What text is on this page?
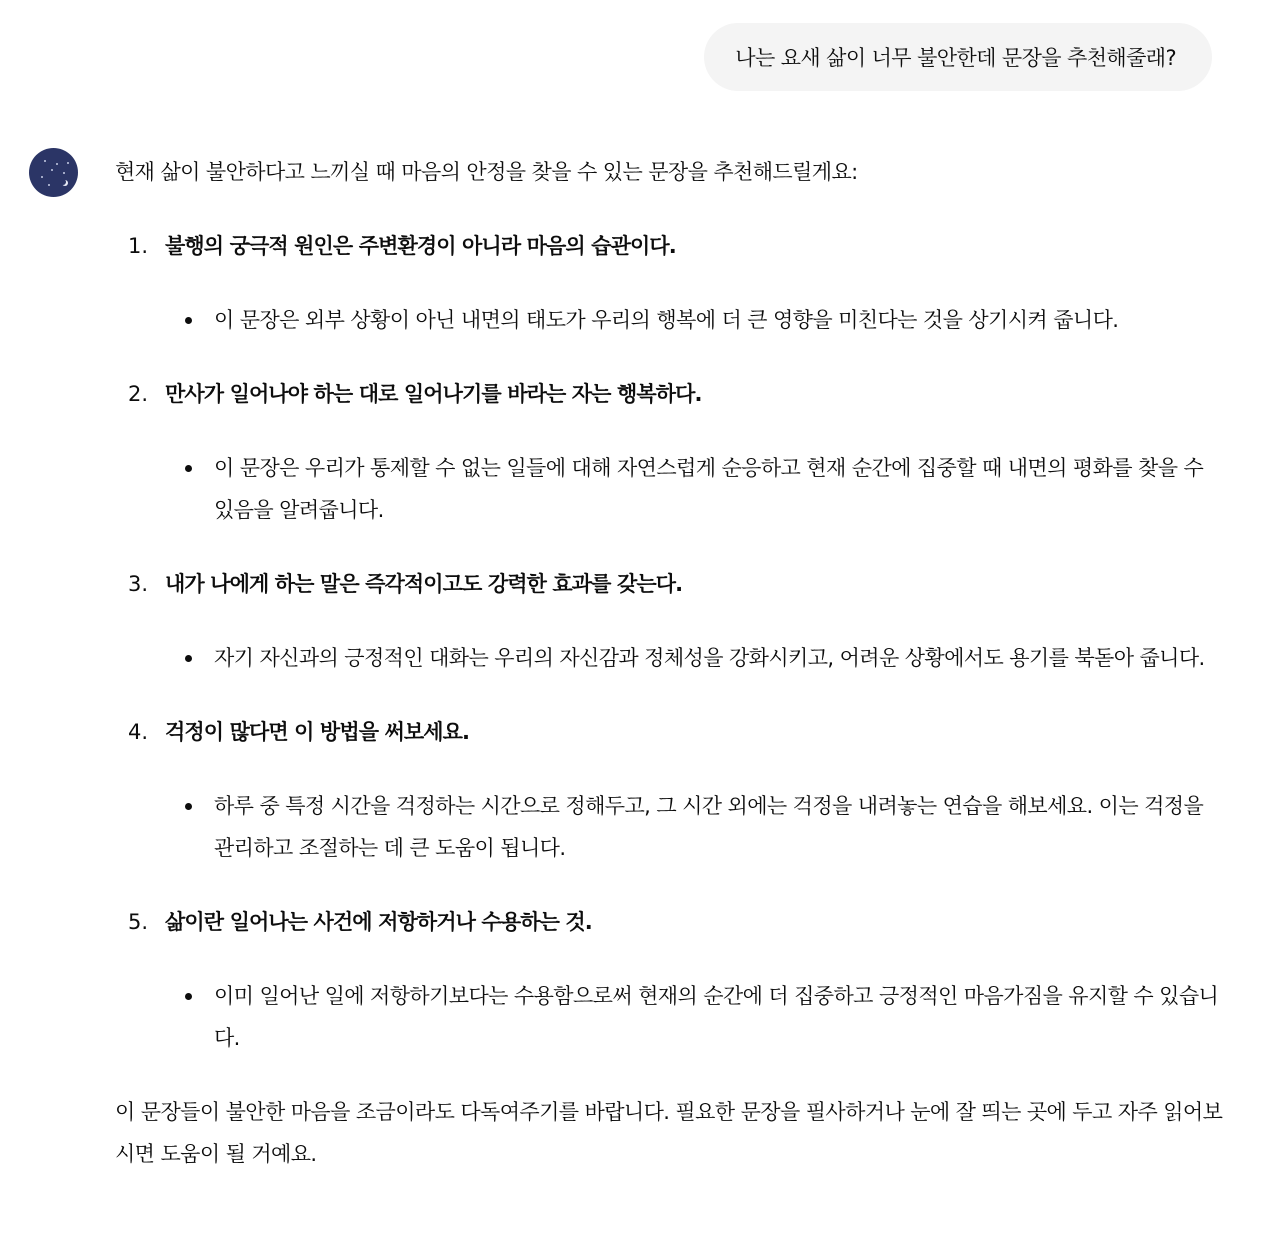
나는 요새 삶이 너무 불안한데 문장을 추천해줄래?

현재 삶이 불안하다고 느끼실 때 마음의 안정을 찾을 수 있는 문장을 추천해드릴게요:

1. 불행의 궁극적 원인은 주변환경이 아니라 마음의 습관이다.
이 문장은 외부 상황이 아닌 내면의 태도가 우리의 행복에 더 큰 영향을 미친다는 것을 상기시켜 줍니다.
2. 만사가 일어나야 하는 대로 일어나기를 바라는 자는 행복하다.
이 문장은 우리가 통제할 수 없는 일들에 대해 자연스럽게 순응하고 현재 순간에 집중할 때 내면의 평화를 찾을 수 있음을 알려줍니다.
3. 내가 나에게 하는 말은 즉각적이고도 강력한 효과를 갖는다.
자기 자신과의 긍정적인 대화는 우리의 자신감과 정체성을 강화시키고, 어려운 상황에서도 용기를 북돋아 줍니다.
4. 걱정이 많다면 이 방법을 써보세요.
하루 중 특정 시간을 걱정하는 시간으로 정해두고, 그 시간 외에는 걱정을 내려놓는 연습을 해보세요. 이는 걱정을 관리하고 조절하는 데 큰 도움이 됩니다.
5. 삶이란 일어나는 사건에 저항하거나 수용하는 것.
이미 일어난 일에 저항하기보다는 수용함으로써 현재의 순간에 더 집중하고 긍정적인 마음가짐을 유지할 수 있습니다.

이 문장들이 불안한 마음을 조금이라도 다독여주기를 바랍니다. 필요한 문장을 필사하거나 눈에 잘 띄는 곳에 두고 자주 읽어보시면 도움이 될 거예요.
